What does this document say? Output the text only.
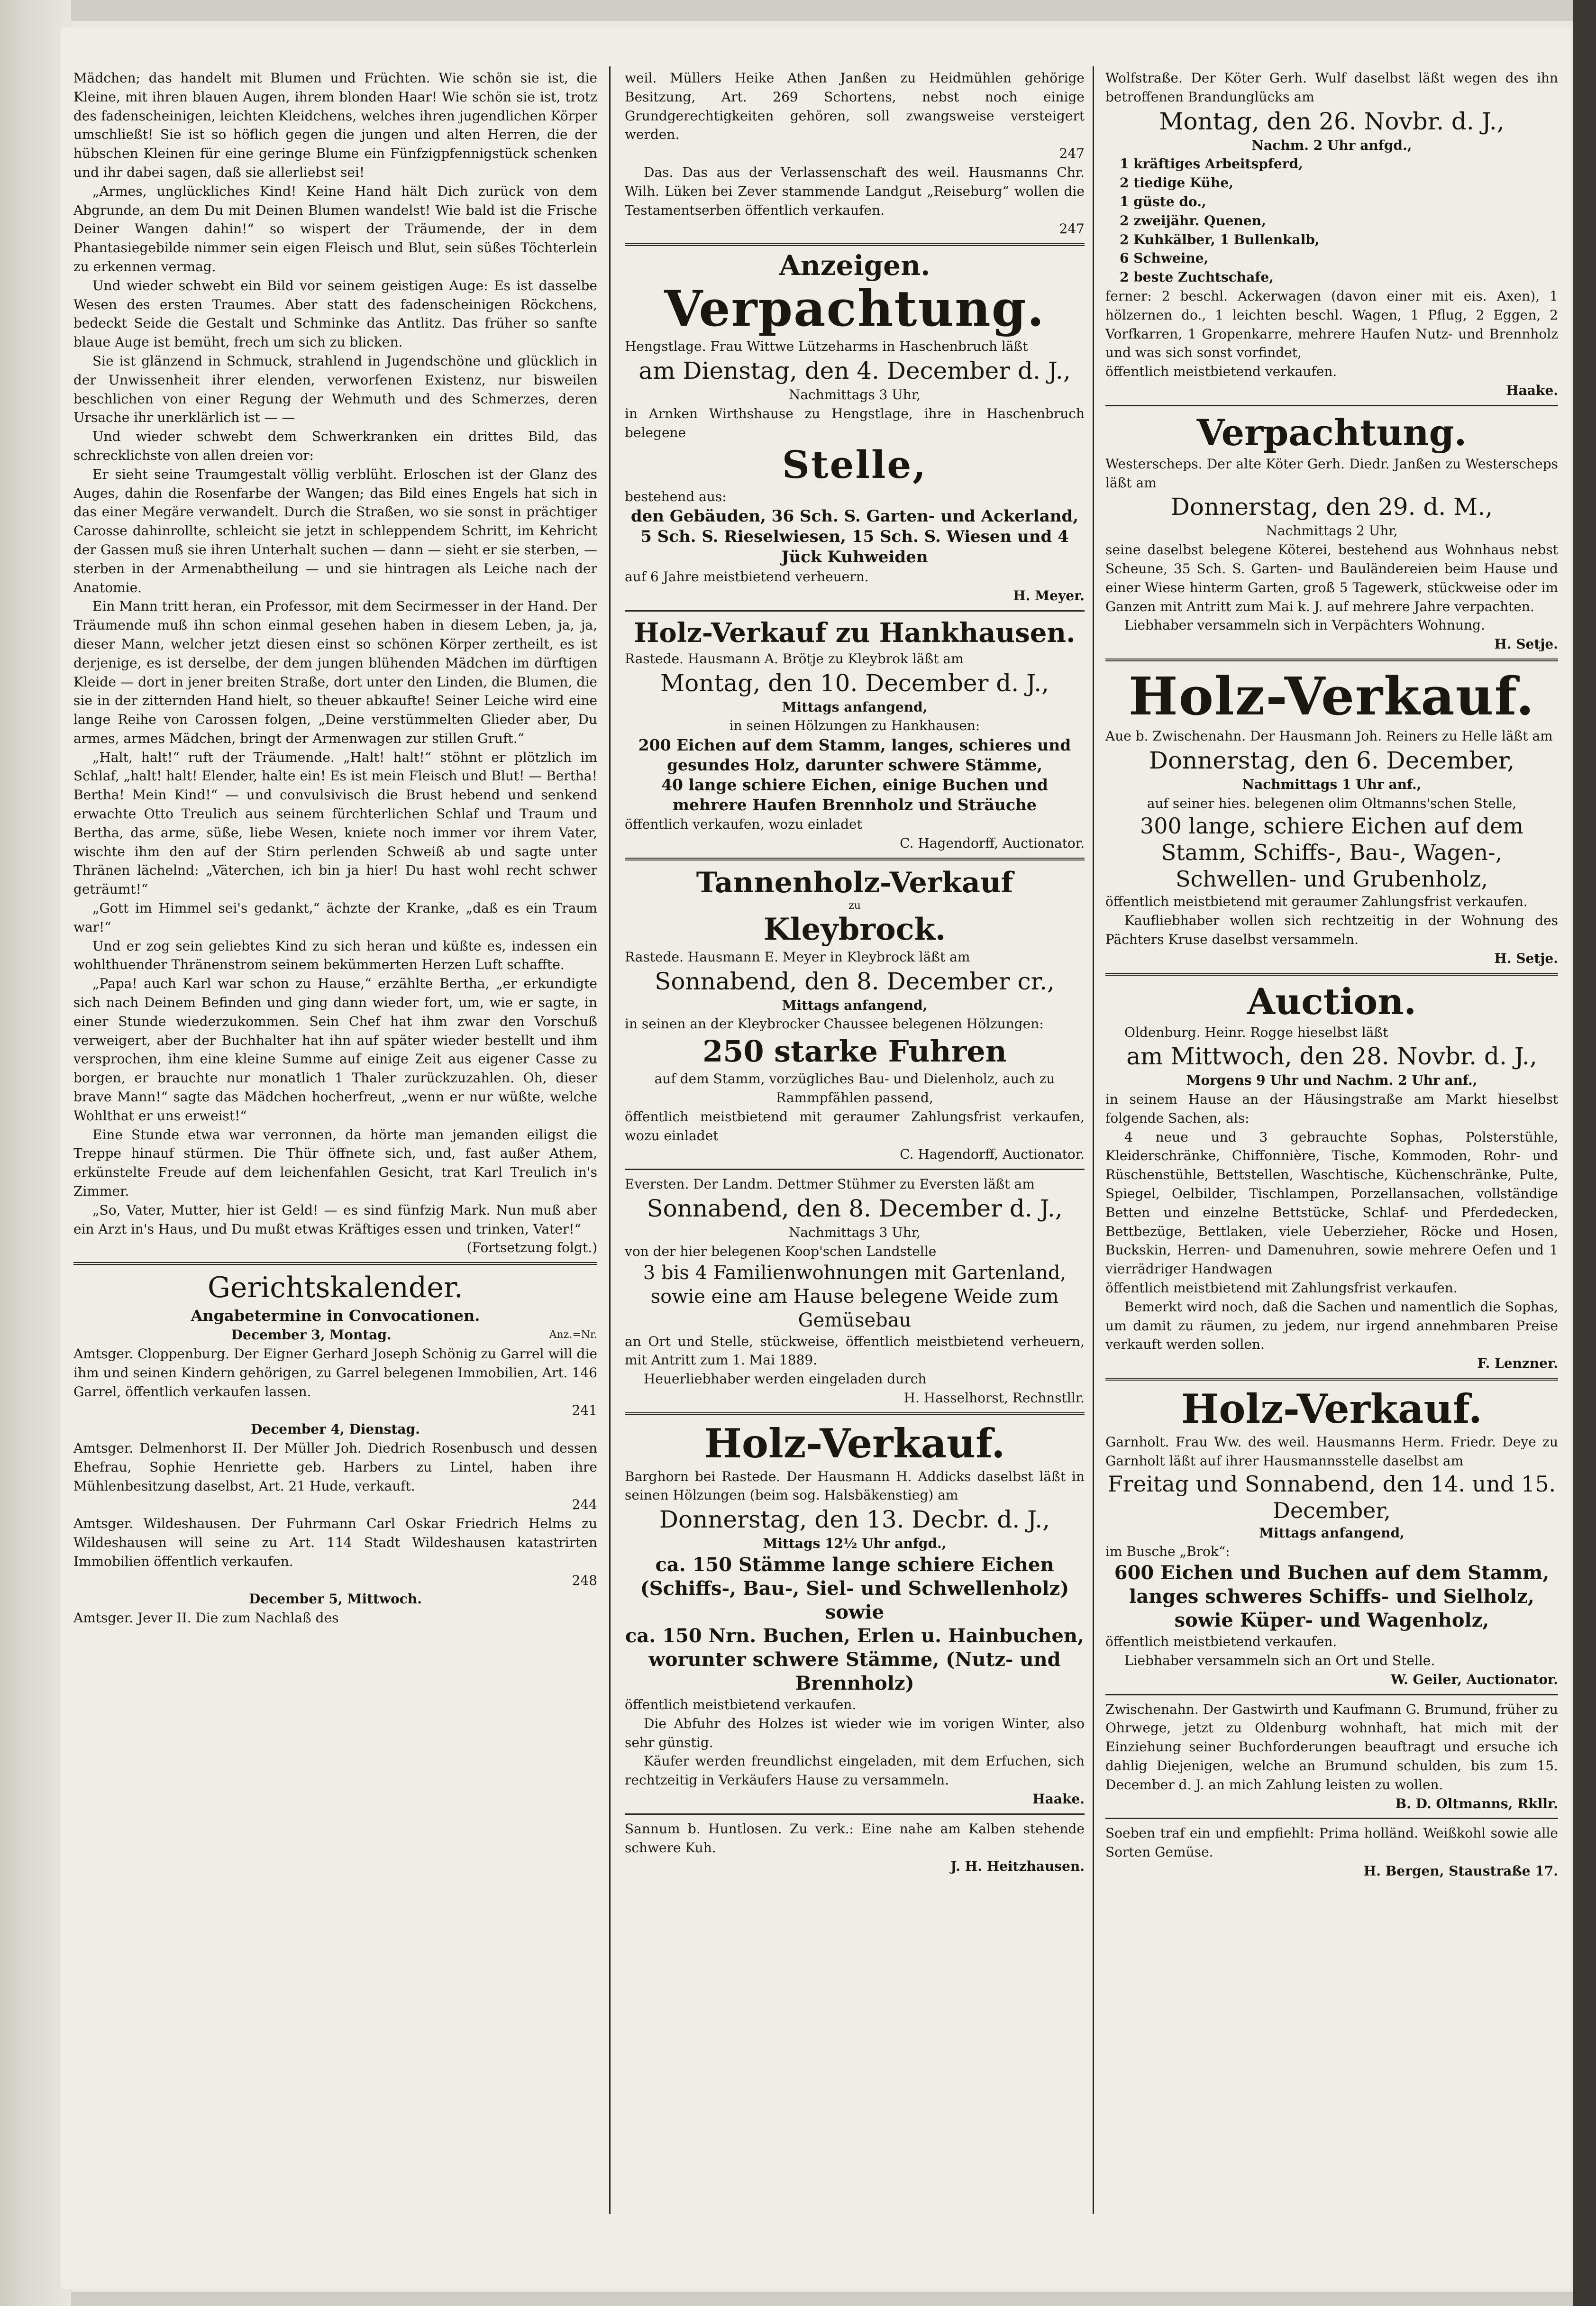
Mädchen; das handelt mit Blumen und Früchten. Wie schön sie ist, die Kleine, mit ihren blauen Augen, ihrem blonden Haar! Wie schön sie ist, trotz des fadenscheinigen, leichten Kleidchens, welches ihren jugendlichen Körper umschließt! Sie ist so höflich gegen die jungen und alten Herren, die der hübschen Kleinen für eine geringe Blume ein Fünfzigpfennigstück schenken und ihr dabei sagen, daß sie allerliebst sei!

„Armes, unglückliches Kind! Keine Hand hält Dich zurück von dem Abgrunde, an dem Du mit Deinen Blumen wandelst! Wie bald ist die Frische Deiner Wangen dahin!“ so wispert der Träumende, der in dem Phantasiegebilde nimmer sein eigen Fleisch und Blut, sein süßes Töchterlein zu erkennen vermag.

Und wieder schwebt ein Bild vor seinem geistigen Auge: Es ist dasselbe Wesen des ersten Traumes. Aber statt des fadenscheinigen Röckchens, bedeckt Seide die Gestalt und Schminke das Antlitz. Das früher so sanfte blaue Auge ist bemüht, frech um sich zu blicken.

Sie ist glänzend in Schmuck, strahlend in Jugendschöne und glücklich in der Unwissenheit ihrer elenden, verworfenen Existenz, nur bisweilen beschlichen von einer Regung der Wehmuth und des Schmerzes, deren Ursache ihr unerklärlich ist — —

Und wieder schwebt dem Schwerkranken ein drittes Bild, das schrecklichste von allen dreien vor:

Er sieht seine Traumgestalt völlig verblüht. Erloschen ist der Glanz des Auges, dahin die Rosenfarbe der Wangen; das Bild eines Engels hat sich in das einer Megäre verwandelt. Durch die Straßen, wo sie sonst in prächtiger Carosse dahinrollte, schleicht sie jetzt in schleppendem Schritt, im Kehricht der Gassen muß sie ihren Unterhalt suchen — dann — sieht er sie sterben, — sterben in der Armenabtheilung — und sie hintragen als Leiche nach der Anatomie.

Ein Mann tritt heran, ein Professor, mit dem Secirmesser in der Hand. Der Träumende muß ihn schon einmal gesehen haben in diesem Leben, ja, ja, dieser Mann, welcher jetzt diesen einst so schönen Körper zertheilt, es ist derjenige, es ist derselbe, der dem jungen blühenden Mädchen im dürftigen Kleide — dort in jener breiten Straße, dort unter den Linden, die Blumen, die sie in der zitternden Hand hielt, so theuer abkaufte! Seiner Leiche wird eine lange Reihe von Carossen folgen, „Deine verstümmelten Glieder aber, Du armes, armes Mädchen, bringt der Armenwagen zur stillen Gruft.“

„Halt, halt!“ ruft der Träumende. „Halt! halt!“ stöhnt er plötzlich im Schlaf, „halt! halt! Elender, halte ein! Es ist mein Fleisch und Blut! — Bertha! Bertha! Mein Kind!“ — und convulsivisch die Brust hebend und senkend erwachte Otto Treulich aus seinem fürchterlichen Schlaf und Traum und Bertha, das arme, süße, liebe Wesen, kniete noch immer vor ihrem Vater, wischte ihm den auf der Stirn perlenden Schweiß ab und sagte unter Thränen lächelnd: „Väterchen, ich bin ja hier! Du hast wohl recht schwer geträumt!“

„Gott im Himmel sei's gedankt,“ ächzte der Kranke, „daß es ein Traum war!“

Und er zog sein geliebtes Kind zu sich heran und küßte es, indessen ein wohlthuender Thränenstrom seinem bekümmerten Herzen Luft schaffte.

„Papa! auch Karl war schon zu Hause,“ erzählte Bertha, „er erkundigte sich nach Deinem Befinden und ging dann wieder fort, um, wie er sagte, in einer Stunde wiederzukommen. Sein Chef hat ihm zwar den Vorschuß verweigert, aber der Buchhalter hat ihn auf später wieder bestellt und ihm versprochen, ihm eine kleine Summe auf einige Zeit aus eigener Casse zu borgen, er brauchte nur monatlich 1 Thaler zurückzuzahlen. Oh, dieser brave Mann!“ sagte das Mädchen hocherfreut, „wenn er nur wüßte, welche Wohlthat er uns erweist!“

Eine Stunde etwa war verronnen, da hörte man jemanden eiligst die Treppe hinauf stürmen. Die Thür öffnete sich, und, fast außer Athem, erkünstelte Freude auf dem leichenfahlen Gesicht, trat Karl Treulich in's Zimmer.

„So, Vater, Mutter, hier ist Geld! — es sind fünfzig Mark. Nun muß aber ein Arzt in's Haus, und Du mußt etwas Kräftiges essen und trinken, Vater!“

(Fortsetzung folgt.)

Gerichtskalender.
Angabetermine in Convocationen.
December 3, Montag.	Anz.=Nr.

Amtsger. Cloppenburg. Der Eigner Gerhard Joseph Schönig zu Garrel will die ihm und seinen Kindern gehörigen, zu Garrel belegenen Immobilien, Art. 146 Garrel, öffentlich verkaufen lassen.

241

December 4, Dienstag.

Amtsger. Delmenhorst II. Der Müller Joh. Diedrich Rosenbusch und dessen Ehefrau, Sophie Henriette geb. Harbers zu Lintel, haben ihre Mühlenbesitzung daselbst, Art. 21 Hude, verkauft.

244

Amtsger. Wildeshausen. Der Fuhrmann Carl Oskar Friedrich Helms zu Wildeshausen will seine zu Art. 114 Stadt Wildeshausen katastrirten Immobilien öffentlich verkaufen.

248

December 5, Mittwoch.

Amtsger. Jever II. Die zum Nachlaß des

weil. Müllers Heike Athen Janßen zu Heidmühlen gehörige Besitzung, Art. 269 Schortens, nebst noch einige Grundgerechtigkeiten gehören, soll zwangsweise versteigert werden.

247

Das. Das aus der Verlassenschaft des weil. Hausmanns Chr. Wilh. Lüken bei Zever stammende Landgut „Reiseburg“ wollen die Testamentserben öffentlich verkaufen.

247

Anzeigen.
Verpachtung.

Hengstlage. Frau Wittwe Lützeharms in Haschenbruch läßt

am Dienstag, den 4. December d. J.,
Nachmittags 3 Uhr,

in Arnken Wirthshause zu Hengstlage, ihre in Haschenbruch belegene

Stelle,

bestehend aus:

den Gebäuden, 36 Sch. S. Garten- und Ackerland, 5 Sch. S. Rieselwiesen, 15 Sch. S. Wiesen und 4 Jück Kuhweiden

auf 6 Jahre meistbietend verheuern.

H. Meyer.

Holz-Verkauf zu Hankhausen.

Rastede. Hausmann A. Brötje zu Kleybrok läßt am

Montag, den 10. December d. J.,
Mittags anfangend,

in seinen Hölzungen zu Hankhausen:

200 Eichen auf dem Stamm, langes, schieres und gesundes Holz, darunter schwere Stämme,

40 lange schiere Eichen, einige Buchen und mehrere Haufen Brennholz und Sträuche

öffentlich verkaufen, wozu einladet

C. Hagendorff, Auctionator.

Tannenholz-Verkauf
zu
Kleybrock.

Rastede. Hausmann E. Meyer in Kleybrock läßt am

Sonnabend, den 8. December cr.,
Mittags anfangend,

in seinen an der Kleybrocker Chaussee belegenen Hölzungen:

250 starke Fuhren

auf dem Stamm, vorzügliches Bau- und Dielenholz, auch zu Rammpfählen passend,

öffentlich meistbietend mit geraumer Zahlungsfrist verkaufen, wozu einladet

C. Hagendorff, Auctionator.

Eversten. Der Landm. Dettmer Stühmer zu Eversten läßt am

Sonnabend, den 8. December d. J.,
Nachmittags 3 Uhr,

von der hier belegenen Koop'schen Landstelle

3 bis 4 Familienwohnungen mit Gartenland, sowie eine am Hause belegene Weide zum Gemüsebau

an Ort und Stelle, stückweise, öffentlich meistbietend verheuern, mit Antritt zum 1. Mai 1889.

Heuerliebhaber werden eingeladen durch

H. Hasselhorst, Rechnstllr.

Holz-Verkauf.

Barghorn bei Rastede. Der Hausmann H. Addicks daselbst läßt in seinen Hölzungen (beim sog. Halsbäkenstieg) am

Donnerstag, den 13. Decbr. d. J.,
Mittags 12½ Uhr anfgd.,
ca. 150 Stämme lange schiere Eichen (Schiffs-, Bau-, Siel- und Schwellenholz) sowie
ca. 150 Nrn. Buchen, Erlen u. Hainbuchen, worunter schwere Stämme, (Nutz- und Brennholz)

öffentlich meistbietend verkaufen.

Die Abfuhr des Holzes ist wieder wie im vorigen Winter, also sehr günstig.

Käufer werden freundlichst eingeladen, mit dem Erfuchen, sich rechtzeitig in Verkäufers Hause zu versammeln.

Haake.

Sannum b. Huntlosen. Zu verk.: Eine nahe am Kalben stehende schwere Kuh.

J. H. Heitzhausen.

Wolfstraße. Der Köter Gerh. Wulf daselbst läßt wegen des ihn betroffenen Brandunglücks am

Montag, den 26. Novbr. d. J.,
Nachm. 2 Uhr anfgd.,
1 kräftiges Arbeitspferd,
2 tiedige Kühe,
1 güste do.,
2 zweijähr. Quenen,
2 Kuhkälber, 1 Bullenkalb,
6 Schweine,
2 beste Zuchtschafe,

ferner: 2 beschl. Ackerwagen (davon einer mit eis. Axen), 1 hölzernen do., 1 leichten beschl. Wagen, 1 Pflug, 2 Eggen, 2 Vorfkarren, 1 Gropenkarre, mehrere Haufen Nutz- und Brennholz und was sich sonst vorfindet,

öffentlich meistbietend verkaufen.

Haake.

Verpachtung.

Westerscheps. Der alte Köter Gerh. Diedr. Janßen zu Westerscheps läßt am

Donnerstag, den 29. d. M.,
Nachmittags 2 Uhr,

seine daselbst belegene Köterei, bestehend aus Wohnhaus nebst Scheune, 35 Sch. S. Garten- und Bauländereien beim Hause und einer Wiese hinterm Garten, groß 5 Tagewerk, stückweise oder im Ganzen mit Antritt zum Mai k. J. auf mehrere Jahre verpachten.

Liebhaber versammeln sich in Verpächters Wohnung.

H. Setje.

Holz-Verkauf.

Aue b. Zwischenahn. Der Hausmann Joh. Reiners zu Helle läßt am

Donnerstag, den 6. December,
Nachmittags 1 Uhr anf.,

auf seiner hies. belegenen olim Oltmanns'schen Stelle,

300 lange, schiere Eichen auf dem Stamm, Schiffs-, Bau-, Wagen-, Schwellen- und Grubenholz,

öffentlich meistbietend mit geraumer Zahlungsfrist verkaufen.

Kaufliebhaber wollen sich rechtzeitig in der Wohnung des Pächters Kruse daselbst versammeln.

H. Setje.

Auction.

Oldenburg. Heinr. Rogge hieselbst läßt

am Mittwoch, den 28. Novbr. d. J.,
Morgens 9 Uhr und Nachm. 2 Uhr anf.,

in seinem Hause an der Häusingstraße am Markt hieselbst folgende Sachen, als:

4 neue und 3 gebrauchte Sophas, Polsterstühle, Kleiderschränke, Chiffonnière, Tische, Kommoden, Rohr- und Rüschenstühle, Bettstellen, Waschtische, Küchenschränke, Pulte, Spiegel, Oelbilder, Tischlampen, Porzellansachen, vollständige Betten und einzelne Bettstücke, Schlaf- und Pferdedecken, Bettbezüge, Bettlaken, viele Ueberzieher, Röcke und Hosen, Buckskin, Herren- und Damenuhren, sowie mehrere Oefen und 1 vierrädriger Handwagen

öffentlich meistbietend mit Zahlungsfrist verkaufen.

Bemerkt wird noch, daß die Sachen und namentlich die Sophas, um damit zu räumen, zu jedem, nur irgend annehmbaren Preise verkauft werden sollen.

F. Lenzner.

Holz-Verkauf.

Garnholt. Frau Ww. des weil. Hausmanns Herm. Friedr. Deye zu Garnholt läßt auf ihrer Hausmannsstelle daselbst am

Freitag und Sonnabend, den 14. und 15. December,
Mittags anfangend,

im Busche „Brok“:

600 Eichen und Buchen auf dem Stamm, langes schweres Schiffs- und Sielholz, sowie Küper- und Wagenholz,

öffentlich meistbietend verkaufen.

Liebhaber versammeln sich an Ort und Stelle.

W. Geiler, Auctionator.

Zwischenahn. Der Gastwirth und Kaufmann G. Brumund, früher zu Ohrwege, jetzt zu Oldenburg wohnhaft, hat mich mit der Einziehung seiner Buchforderungen beauftragt und ersuche ich dahlig Diejenigen, welche an Brumund schulden, bis zum 15. December d. J. an mich Zahlung leisten zu wollen.

B. D. Oltmanns, Rkllr.

Soeben traf ein und empfiehlt: Prima holländ. Weißkohl sowie alle Sorten Gemüse.

H. Bergen, Staustraße 17.
